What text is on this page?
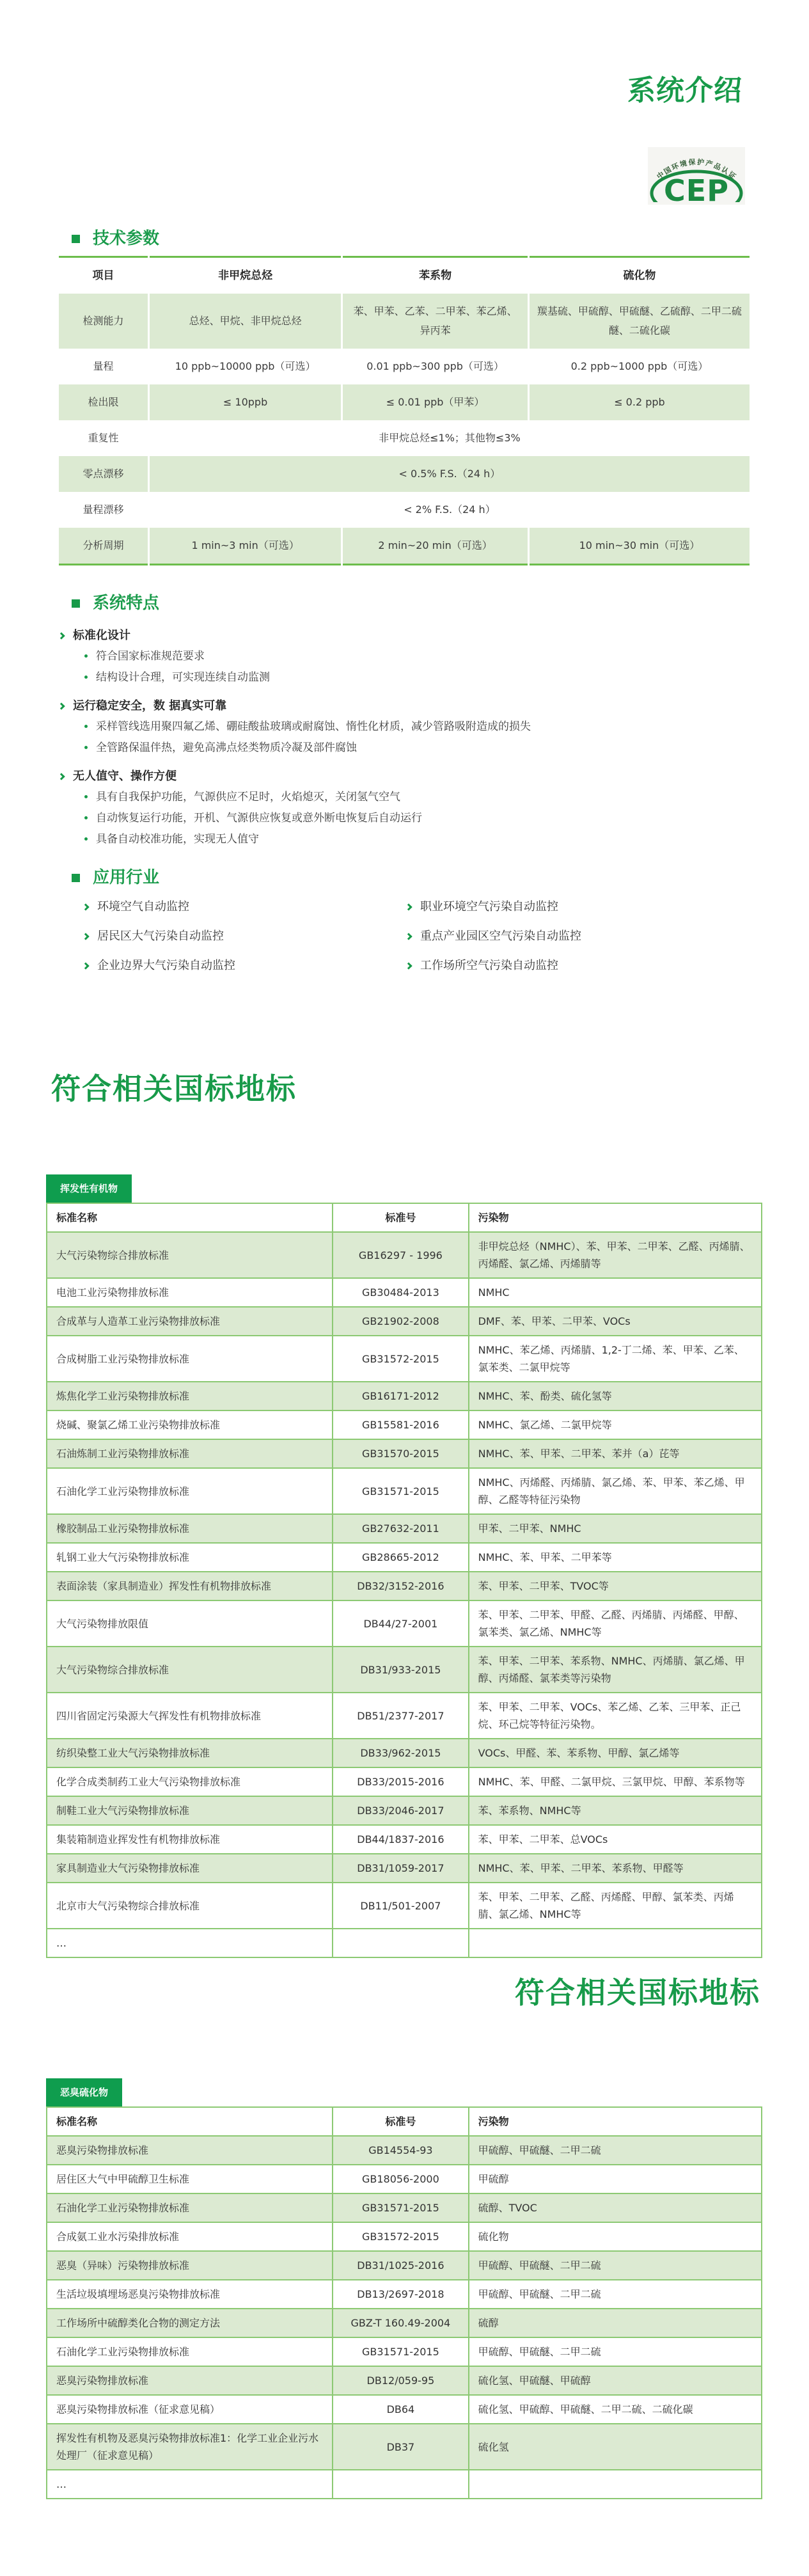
系统介绍
中国环境保护产品认证
CEP
技术参数
项目	非甲烷总烃	苯系物	硫化物
检测能力	总烃、甲烷、非甲烷总烃	苯、甲苯、乙苯、二甲苯、苯乙烯、异丙苯	羰基硫、甲硫醇、甲硫醚、乙硫醇、二甲二硫醚、二硫化碳
量程	10 ppb~10000 ppb（可选）	0.01 ppb~300 ppb（可选）	0.2 ppb~1000 ppb（可选）
检出限	≤ 10ppb	≤ 0.01 ppb（甲苯）	≤ 0.2 ppb
重复性	非甲烷总烃≤1%；其他物≤3%		
零点漂移	< 0.5% F.S.（24 h）		
量程漂移	< 2% F.S.（24 h）		
分析周期	1 min~3 min（可选）	2 min~20 min（可选）	10 min~30 min（可选）
系统特点
标准化设计
符合国家标准规范要求
结构设计合理，可实现连续自动监测
运行稳定安全，数 据真实可靠
采样管线选用聚四氟乙烯、硼硅酸盐玻璃或耐腐蚀、惰性化材质，减少管路吸附造成的损失
全管路保温伴热，避免高沸点烃类物质冷凝及部件腐蚀
无人值守、操作方便
具有自我保护功能，气源供应不足时，火焰熄灭，关闭氢气空气
自动恢复运行功能，开机、气源供应恢复或意外断电恢复后自动运行
具备自动校准功能，实现无人值守
应用行业
环境空气自动监控	职业环境空气污染自动监控
居民区大气污染自动监控	重点产业园区空气污染自动监控
企业边界大气污染自动监控	工作场所空气污染自动监控
符合相关国标地标
挥发性有机物
标准名称	标准号	污染物
大气污染物综合排放标准	GB16297 - 1996	非甲烷总烃（NMHC）、苯、甲苯、二甲苯、乙醛、丙烯腈、丙烯醛、氯乙烯、丙烯腈等
电池工业污染物排放标准	GB30484-2013	NMHC
合成革与人造革工业污染物排放标准	GB21902-2008	DMF、苯、甲苯、二甲苯、VOCs
合成树脂工业污染物排放标准	GB31572-2015	NMHC、苯乙烯、丙烯腈、1,2-丁二烯、苯、甲苯、乙苯、氯苯类、二氯甲烷等
炼焦化学工业污染物排放标准	GB16171-2012	NMHC、苯、酚类、硫化氢等
烧碱、聚氯乙烯工业污染物排放标准	GB15581-2016	NMHC、氯乙烯、二氯甲烷等
石油炼制工业污染物排放标准	GB31570-2015	NMHC、苯、甲苯、二甲苯、苯并（a）芘等
石油化学工业污染物排放标准	GB31571-2015	NMHC、丙烯醛、丙烯腈、氯乙烯、苯、甲苯、苯乙烯、甲醇、乙醛等特征污染物
橡胶制品工业污染物排放标准	GB27632-2011	甲苯、二甲苯、NMHC
轧钢工业大气污染物排放标准	GB28665-2012	NMHC、苯、甲苯、二甲苯等
表面涂装（家具制造业）挥发性有机物排放标准	DB32/3152-2016	苯、甲苯、二甲苯、TVOC等
大气污染物排放限值	DB44/27-2001	苯、甲苯、二甲苯、甲醛、乙醛、丙烯腈、丙烯醛、甲醇、氯苯类、氯乙烯、NMHC等
大气污染物综合排放标准	DB31/933-2015	苯、甲苯、二甲苯、苯系物、NMHC、丙烯腈、氯乙烯、甲醇、丙烯醛、氯苯类等污染物
四川省固定污染源大气挥发性有机物排放标准	DB51/2377-2017	苯、甲苯、二甲苯、VOCs、苯乙烯、乙苯、三甲苯、正己烷、环己烷等特征污染物。
纺织染整工业大气污染物排放标准	DB33/962-2015	VOCs、甲醛、苯、苯系物、甲醇、氯乙烯等
化学合成类制药工业大气污染物排放标准	DB33/2015-2016	NMHC、苯、甲醛、二氯甲烷、三氯甲烷、甲醇、苯系物等
制鞋工业大气污染物排放标准	DB33/2046-2017	苯、苯系物、NMHC等
集装箱制造业挥发性有机物排放标准	DB44/1837-2016	苯、甲苯、二甲苯、总VOCs
家具制造业大气污染物排放标准	DB31/1059-2017	NMHC、苯、甲苯、二甲苯、苯系物、甲醛等
北京市大气污染物综合排放标准	DB11/501-2007	苯、甲苯、二甲苯、乙醛、丙烯醛、甲醇、氯苯类、丙烯腈、氯乙烯、NMHC等
…		
符合相关国标地标
恶臭硫化物
标准名称	标准号	污染物
恶臭污染物排放标准	GB14554-93	甲硫醇、甲硫醚、二甲二硫
居住区大气中甲硫醇卫生标准	GB18056-2000	甲硫醇
石油化学工业污染物排放标准	GB31571-2015	硫醇、TVOC
合成氨工业水污染排放标准	GB31572-2015	硫化物
恶臭（异味）污染物排放标准	DB31/1025-2016	甲硫醇、甲硫醚、二甲二硫
生活垃圾填埋场恶臭污染物排放标准	DB13/2697-2018	甲硫醇、甲硫醚、二甲二硫
工作场所中硫醇类化合物的测定方法	GBZ-T 160.49-2004	硫醇
石油化学工业污染物排放标准	GB31571-2015	甲硫醇、甲硫醚、二甲二硫
恶臭污染物排放标准	DB12/059-95	硫化氢、甲硫醚、甲硫醇
恶臭污染物排放标准（征求意见稿）	DB64	硫化氢、甲硫醇、甲硫醚、二甲二硫、二硫化碳
挥发性有机物及恶臭污染物排放标准1：化学工业企业污水处理厂（征求意见稿）	DB37	硫化氢
…		
